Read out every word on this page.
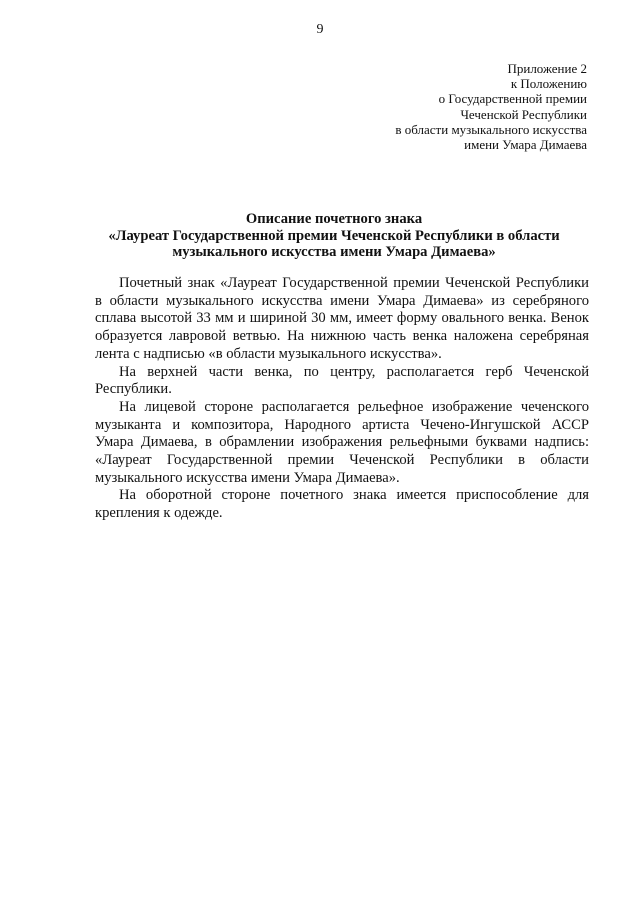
9
Приложение 2
к Положению
о Государственной премии
Чеченской Республики
в области музыкального искусства
имени Умара Димаева
Описание почетного знака
«Лауреат Государственной премии Чеченской Республики в области
музыкального искусства имени Умара Димаева»
Почетный знак «Лауреат Государственной премии Чеченской Республики
в области музыкального искусства имени Умара Димаева» из серебряного
сплава высотой 33 мм и шириной 30 мм, имеет форму овального венка. Венок
образуется лавровой ветвью. На нижнюю часть венка наложена серебряная
лента с надписью «в области музыкального искусства».
На верхней части венка, по центру, располагается герб Чеченской
Республики.
На лицевой стороне располагается рельефное изображение чеченского
музыканта и композитора, Народного артиста Чечено-Ингушской АССР
Умара Димаева, в обрамлении изображения рельефными буквами надпись:
«Лауреат Государственной премии Чеченской Республики в области
музыкального искусства имени Умара Димаева».
На оборотной стороне почетного знака имеется приспособление для
крепления к одежде.
